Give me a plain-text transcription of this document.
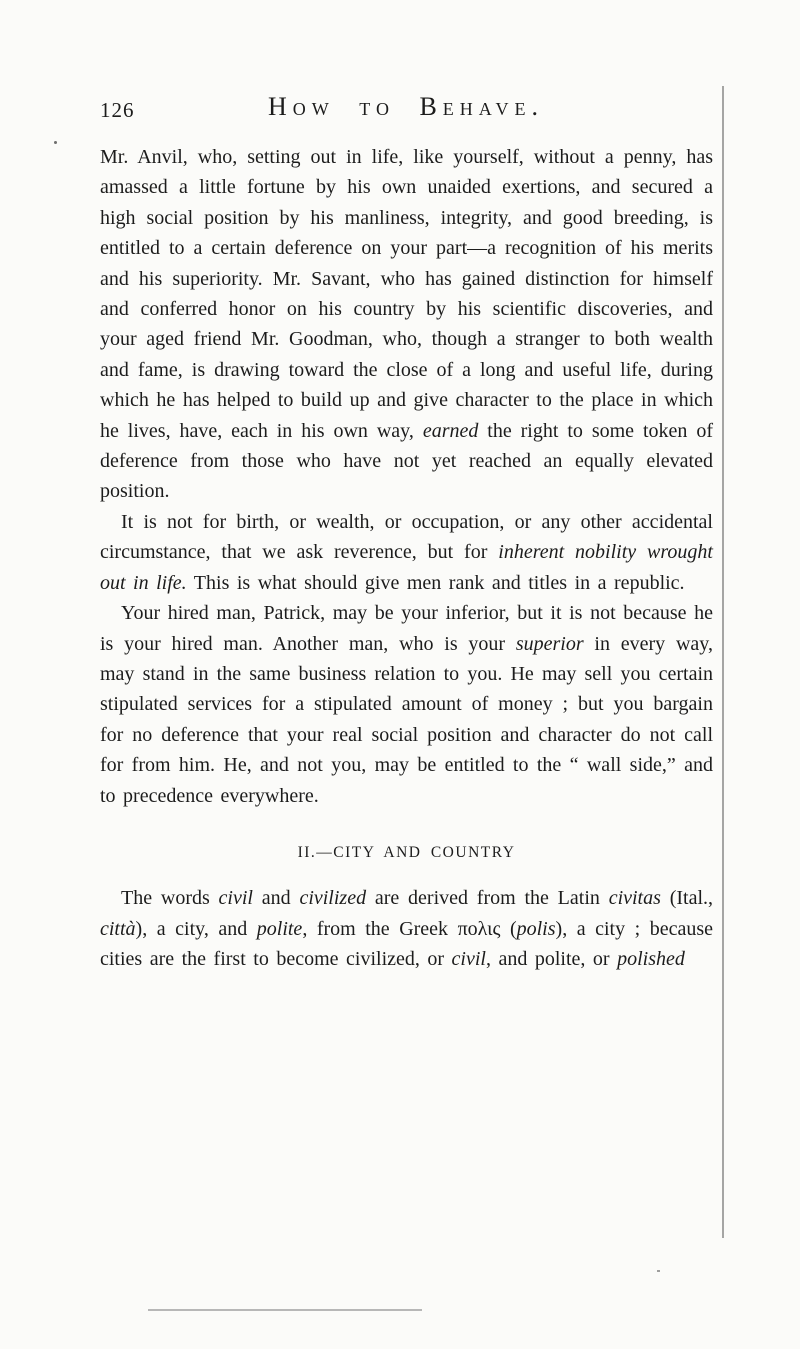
126	How to Behave.

Mr. Anvil, who, setting out in life, like yourself, without a penny, has amassed a little fortune by his own unaided exertions, and secured a high social position by his manliness, integrity, and good breeding, is entitled to a certain deference on your part—a recognition of his merits and his superiority. Mr. Savant, who has gained distinction for himself and conferred honor on his country by his scientific discoveries, and your aged friend Mr. Goodman, who, though a stranger to both wealth and fame, is drawing toward the close of a long and useful life, during which he has helped to build up and give character to the place in which he lives, have, each in his own way, earned the right to some token of deference from those who have not yet reached an equally elevated position.

It is not for birth, or wealth, or occupation, or any other accidental circumstance, that we ask reverence, but for inherent nobility wrought out in life. This is what should give men rank and titles in a republic.

Your hired man, Patrick, may be your inferior, but it is not because he is your hired man. Another man, who is your superior in every way, may stand in the same business relation to you. He may sell you certain stipulated services for a stipulated amount of money ; but you bargain for no deference that your real social position and character do not call for from him. He, and not you, may be entitled to the “ wall side,” and to precedence everywhere.

II.—CITY AND COUNTRY

The words civil and civilized are derived from the Latin civitas (Ital., città), a city, and polite, from the Greek πολις (polis), a city ; because cities are the first to become civilized, or civil, and polite, or polished
